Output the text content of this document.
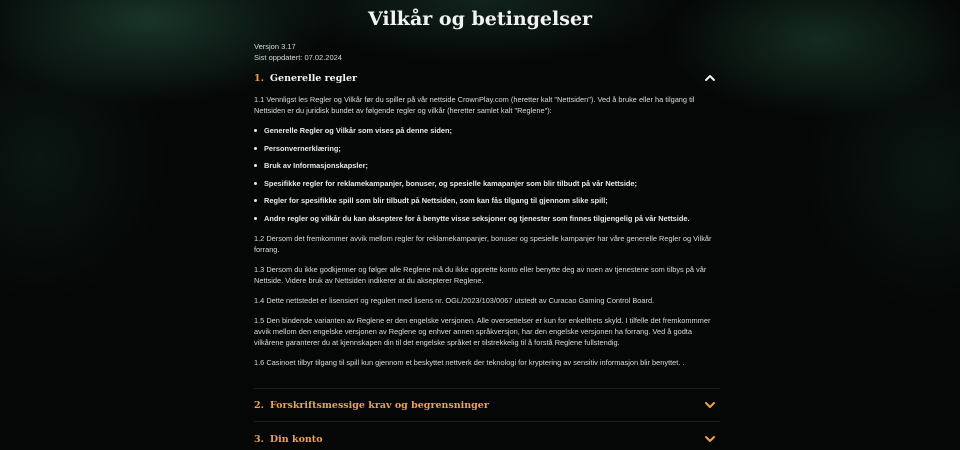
Vilkår og betingelser
Versjon 3.17
Sist oppdatert: 07.02.2024
1. Generelle regler

1.1 Vennligst les Regler og Vilkår før du spiller på vår nettside CrownPlay.com (heretter kalt "Nettsiden"). Ved å bruke eller ha tilgang til Nettsiden er du juridisk bundet av følgende regler og vilkår (heretter samlet kalt "Reglene"):

Generelle Regler og Vilkår som vises på denne siden;
Personvernerklæring;
Bruk av Informasjonskapsler;
Spesifikke regler for reklamekampanjer, bonuser, og spesielle kamapanjer som blir tilbudt på vår Nettside;
Regler for spesifikke spill som blir tilbudt på Nettsiden, som kan fås tilgang til gjennom slike spill;
Andre regler og vilkår du kan akseptere for å benytte visse seksjoner og tjenester som finnes tilgjengelig på vår Nettside.

1.2 Dersom det fremkommer avvik mellom regler for reklamekampanjer, bonuser og spesielle kampanjer har våre generelle Regler og Vilkår forrang.

1.3 Dersom du ikke godkjenner og følger alle Reglene må du ikke opprette konto eller benytte deg av noen av tjenestene som tilbys på vår Nettside. Videre bruk av Nettsiden indikerer at du aksepterer Reglene.

1.4 Dette nettstedet er lisensiert og regulert med lisens nr. OGL/2023/103/0067 utstedt av Curacao Gaming Control Board.

1.5 Den bindende varianten av Reglene er den engelske versjonen. Alle oversettelser er kun for enkelthets skyld. I tilfelle det fremkommmer avvik mellom den engelske versjonen av Reglene og enhver annen språkversjon, har den engelske versjonen ha forrang. Ved å godta vilkårene garanterer du at kjennskapen din til det engelske språket er tilstrekkelig til å forstå Reglene fullstendig.

1.6 Casinoet tilbyr tilgang til spill kun gjennom et beskyttet nettverk der teknologi for kryptering av sensitiv informasjon blir benyttet. .

2. Forskriftsmessige krav og begrensninger
3. Din konto
